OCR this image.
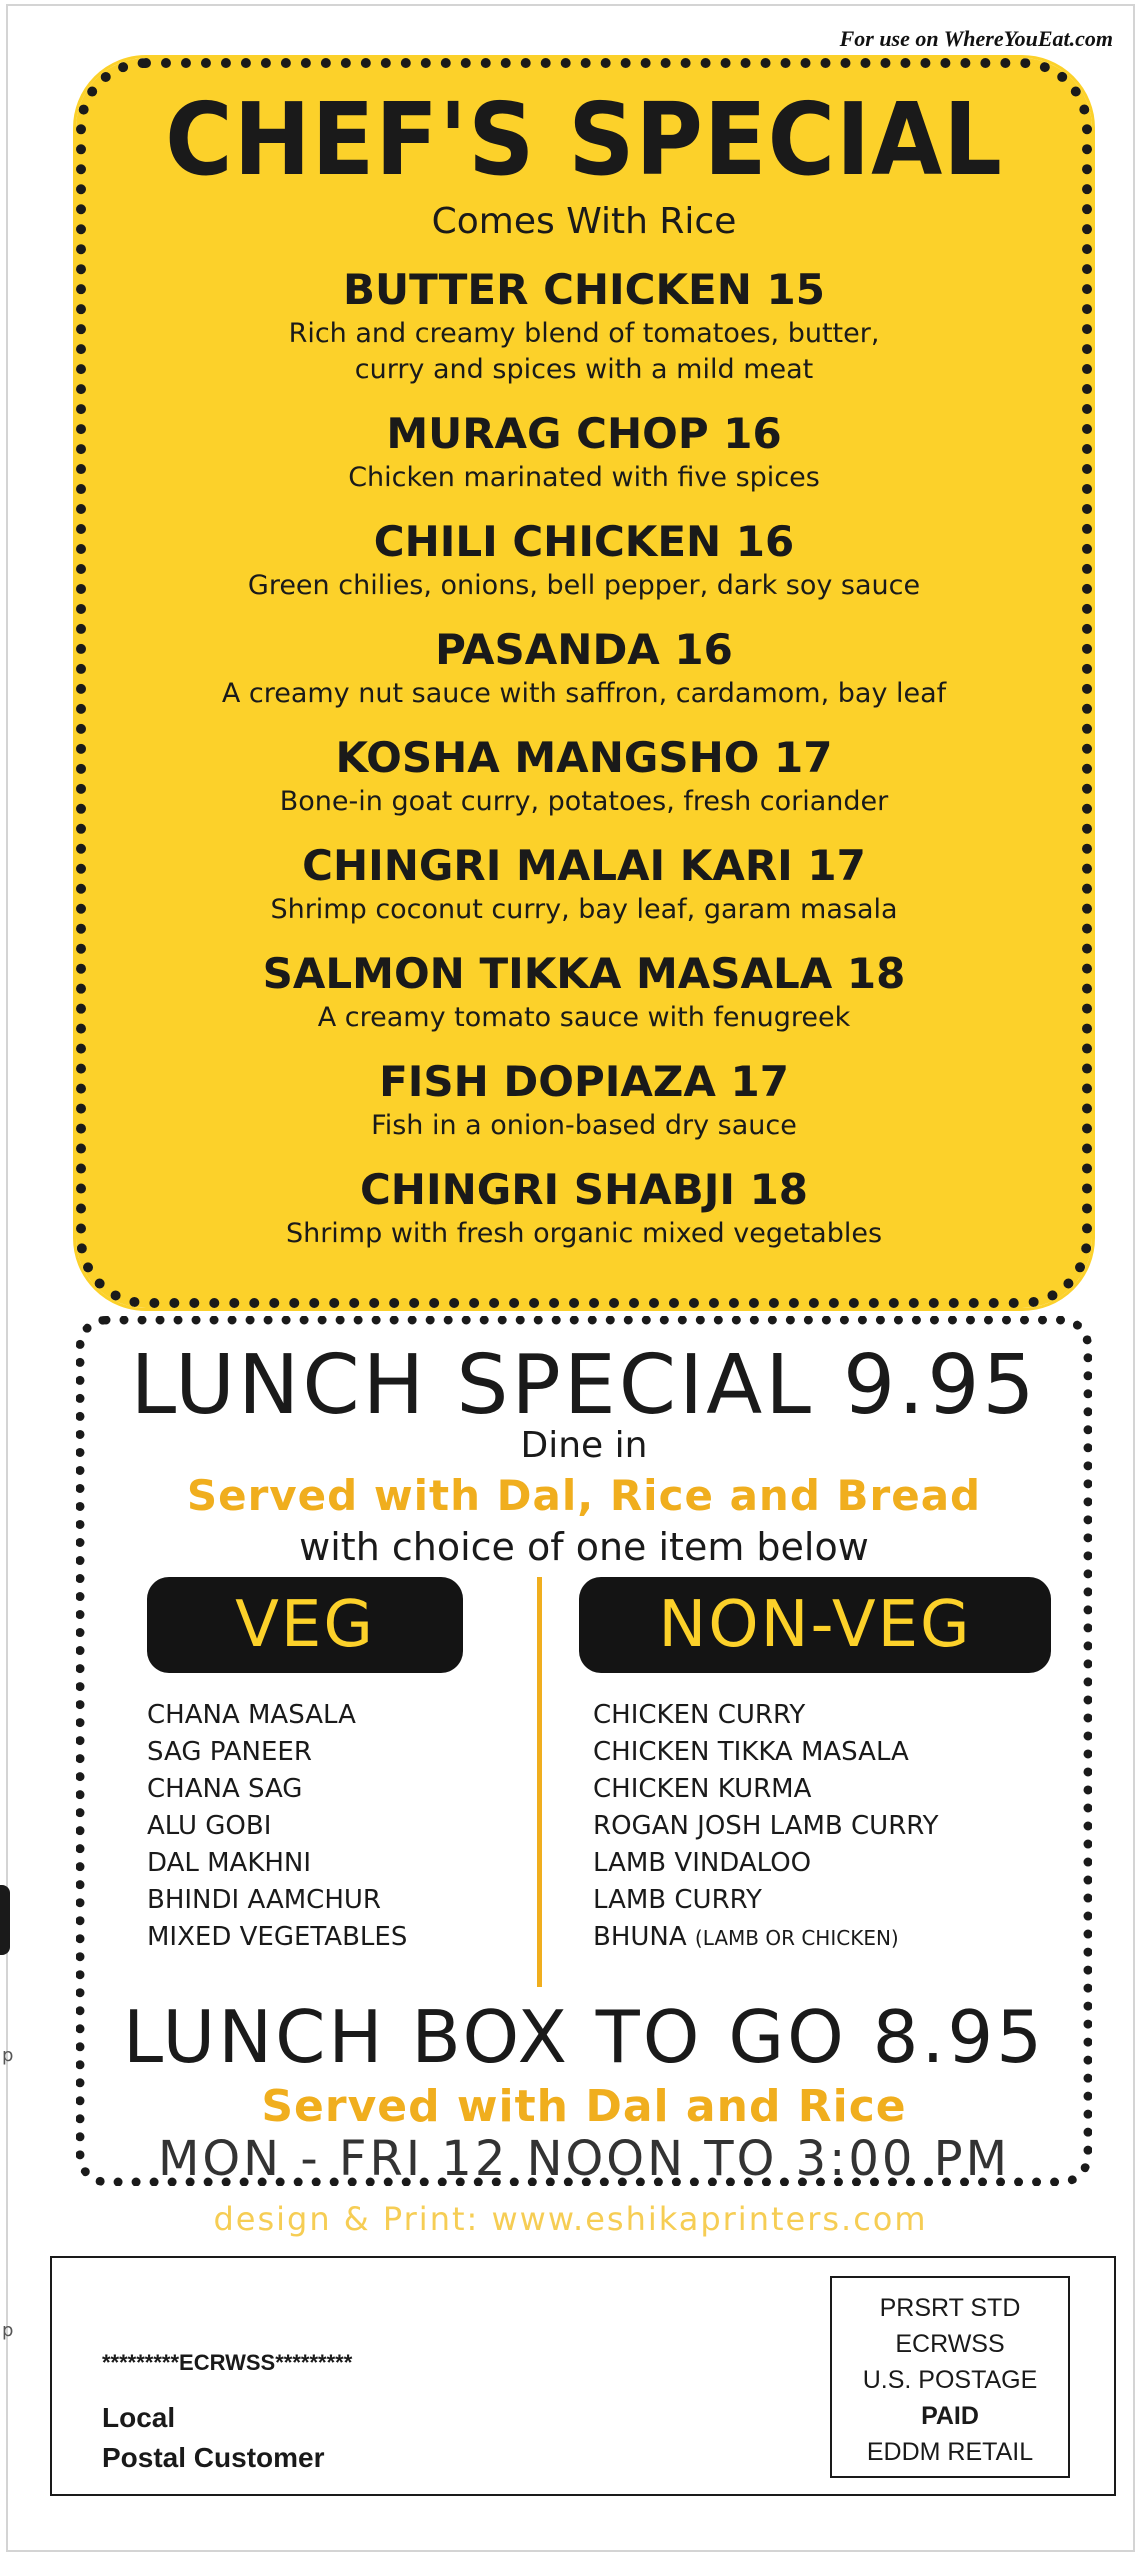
For use on WhereYouEat.com
CHEF'S SPECIAL
Comes With Rice
BUTTER CHICKEN 15
Rich and creamy blend of tomatoes, butter,
curry and spices with a mild meat
MURAG CHOP 16
Chicken marinated with five spices
CHILI CHICKEN 16
Green chilies, onions, bell pepper, dark soy sauce
PASANDA 16
A creamy nut sauce with saffron, cardamom, bay leaf
KOSHA MANGSHO 17
Bone-in goat curry, potatoes, fresh coriander
CHINGRI MALAI KARI 17
Shrimp coconut curry, bay leaf, garam masala
SALMON TIKKA MASALA 18
A creamy tomato sauce with fenugreek
FISH DOPIAZA 17
Fish in a onion-based dry sauce
CHINGRI SHABJI 18
Shrimp with fresh organic mixed vegetables
LUNCH SPECIAL 9.95
Dine in
Served with Dal, Rice and Bread
with choice of one item below
VEG	NON-VEG
CHANA MASALA
SAG PANEER
CHANA SAG
ALU GOBI
DAL MAKHNI
BHINDI AAMCHUR
MIXED VEGETABLES
CHICKEN CURRY
CHICKEN TIKKA MASALA
CHICKEN KURMA
ROGAN JOSH LAMB CURRY
LAMB VINDALOO
LAMB CURRY
BHUNA (LAMB OR CHICKEN)
LUNCH BOX TO GO 8.95
Served with Dal and Rice
MON - FRI 12 NOON TO 3:00 PM
design & Print: www.eshikaprinters.com
*********ECRWSS*********
Local
Postal Customer
PRSRT STD
ECRWSS
U.S. POSTAGE
PAID
EDDM RETAIL
p
p
